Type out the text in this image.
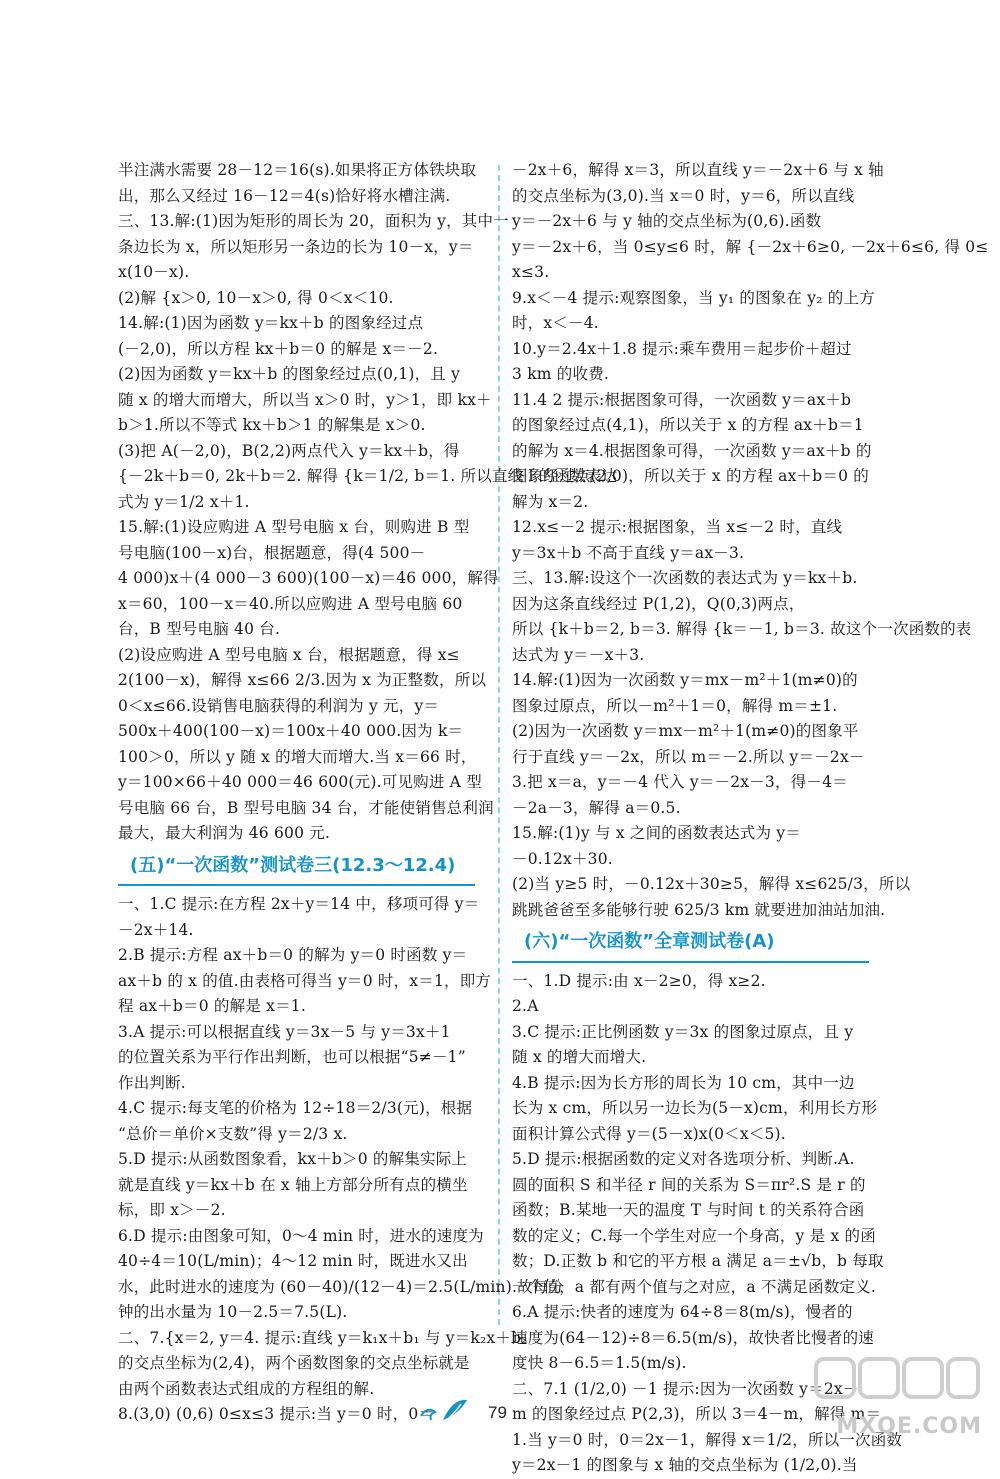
半注满水需要 28－12＝16(s).如果将正方体铁块取
出，那么又经过 16－12＝4(s)恰好将水槽注满.
三、13.解:(1)因为矩形的周长为 20，面积为 y，其中一
条边长为 x，所以矩形另一条边的长为 10－x，y＝
x(10－x).
(2)解 {x＞0, 10－x＞0, 得 0＜x＜10.
14.解:(1)因为函数 y＝kx＋b 的图象经过点
(－2,0)，所以方程 kx＋b＝0 的解是 x＝－2.
(2)因为函数 y＝kx＋b 的图象经过点(0,1)，且 y
随 x 的增大而增大，所以当 x＞0 时，y＞1，即 kx＋
b＞1.所以不等式 kx＋b＞1 的解集是 x＞0.
(3)把 A(－2,0)，B(2,2)两点代入 y＝kx＋b，得
{－2k＋b＝0, 2k＋b＝2. 解得 {k＝1/2, b＝1. 所以直线 l 的函数表达
式为 y＝1/2 x＋1.
15.解:(1)设应购进 A 型号电脑 x 台，则购进 B 型
号电脑(100－x)台，根据题意，得(4 500－
4 000)x＋(4 000－3 600)(100－x)＝46 000，解得
x＝60，100－x＝40.所以应购进 A 型号电脑 60
台，B 型号电脑 40 台.
(2)设应购进 A 型号电脑 x 台，根据题意，得 x≤
2(100－x)，解得 x≤66 2/3.因为 x 为正整数，所以
0＜x≤66.设销售电脑获得的利润为 y 元，y＝
500x＋400(100－x)＝100x＋40 000.因为 k＝
100＞0，所以 y 随 x 的增大而增大.当 x＝66 时，
y＝100×66＋40 000＝46 600(元).可见购进 A 型
号电脑 66 台，B 型号电脑 34 台，才能使销售总利润
最大，最大利润为 46 600 元.
(五)“一次函数”测试卷三(12.3～12.4)
一、1.C 提示:在方程 2x＋y＝14 中，移项可得 y＝
－2x＋14.
2.B 提示:方程 ax＋b＝0 的解为 y＝0 时函数 y＝
ax＋b 的 x 的值.由表格可得当 y＝0 时，x＝1，即方
程 ax＋b＝0 的解是 x＝1.
3.A 提示:可以根据直线 y＝3x－5 与 y＝3x＋1
的位置关系为平行作出判断，也可以根据“5≠－1”
作出判断.
4.C 提示:每支笔的价格为 12÷18＝2/3(元)，根据
“总价＝单价×支数”得 y＝2/3 x.
5.D 提示:从函数图象看，kx＋b＞0 的解集实际上
就是直线 y＝kx＋b 在 x 轴上方部分所有点的横坐
标，即 x＞－2.
6.D 提示:由图象可知，0～4 min 时，进水的速度为
40÷4＝10(L/min)；4～12 min 时，既进水又出
水，此时进水的速度为 (60－40)/(12－4)＝2.5(L/min).故每分
钟的出水量为 10－2.5＝7.5(L).
二、7.{x＝2, y＝4. 提示:直线 y＝k₁x＋b₁ 与 y＝k₂x＋b₂
的交点坐标为(2,4)，两个函数图象的交点坐标就是
由两个函数表达式组成的方程组的解.
8.(3,0) (0,6) 0≤x≤3 提示:当 y＝0 时，0＝
－2x＋6，解得 x＝3，所以直线 y＝－2x＋6 与 x 轴
的交点坐标为(3,0).当 x＝0 时，y＝6，所以直线
y＝－2x＋6 与 y 轴的交点坐标为(0,6).函数
y＝－2x＋6，当 0≤y≤6 时，解 {－2x＋6≥0, －2x＋6≤6, 得 0≤
x≤3.
9.x＜－4 提示:观察图象，当 y₁ 的图象在 y₂ 的上方
时，x＜－4.
10.y＝2.4x＋1.8 提示:乘车费用＝起步价＋超过
3 km 的收费.
11.4 2 提示:根据图象可得，一次函数 y＝ax＋b
的图象经过点(4,1)，所以关于 x 的方程 ax＋b＝1
的解为 x＝4.根据图象可得，一次函数 y＝ax＋b 的
图象经过点(2,0)，所以关于 x 的方程 ax＋b＝0 的
解为 x＝2.
12.x≤－2 提示:根据图象，当 x≤－2 时，直线
y＝3x＋b 不高于直线 y＝ax－3.
三、13.解:设这个一次函数的表达式为 y＝kx＋b.
因为这条直线经过 P(1,2)，Q(0,3)两点，
所以 {k＋b＝2, b＝3. 解得 {k＝－1, b＝3. 故这个一次函数的表
达式为 y＝－x＋3.
14.解:(1)因为一次函数 y＝mx－m²＋1(m≠0)的
图象过原点，所以－m²＋1＝0，解得 m＝±1.
(2)因为一次函数 y＝mx－m²＋1(m≠0)的图象平
行于直线 y＝－2x，所以 m＝－2.所以 y＝－2x－
3.把 x＝a，y＝－4 代入 y＝－2x－3，得－4＝
－2a－3，解得 a＝0.5.
15.解:(1)y 与 x 之间的函数表达式为 y＝
－0.12x＋30.
(2)当 y≥5 时，－0.12x＋30≥5，解得 x≤625/3，所以
跳跳爸爸至多能够行驶 625/3 km 就要进加油站加油.
(六)“一次函数”全章测试卷(A)
一、1.D 提示:由 x－2≥0，得 x≥2.
2.A
3.C 提示:正比例函数 y＝3x 的图象过原点，且 y
随 x 的增大而增大.
4.B 提示:因为长方形的周长为 10 cm，其中一边
长为 x cm，所以另一边长为(5－x)cm，利用长方形
面积计算公式得 y＝(5－x)x(0＜x＜5).
5.D 提示:根据函数的定义对各选项分析、判断.A.
圆的面积 S 和半径 r 间的关系为 S＝πr².S 是 r 的
函数；B.某地一天的温度 T 与时间 t 的关系符合函
数的定义；C.每一个学生对应一个身高，y 是 x 的函
数；D.正数 b 和它的平方根 a 满足 a＝±√b，b 每取
一个值，a 都有两个值与之对应，a 不满足函数定义.
6.A 提示:快者的速度为 64÷8＝8(m/s)，慢者的
速度为(64－12)÷8＝6.5(m/s)，故快者比慢者的速
度快 8－6.5＝1.5(m/s).
二、7.1 (1/2,0) －1 提示:因为一次函数 y＝2x－
m 的图象经过点 P(2,3)，所以 3＝4－m，解得 m＝
1.当 y＝0 时，0＝2x－1，解得 x＝1/2，所以一次函数
y＝2x－1 的图象与 x 轴的交点坐标为 (1/2,0).当
79
MXQE.COM
